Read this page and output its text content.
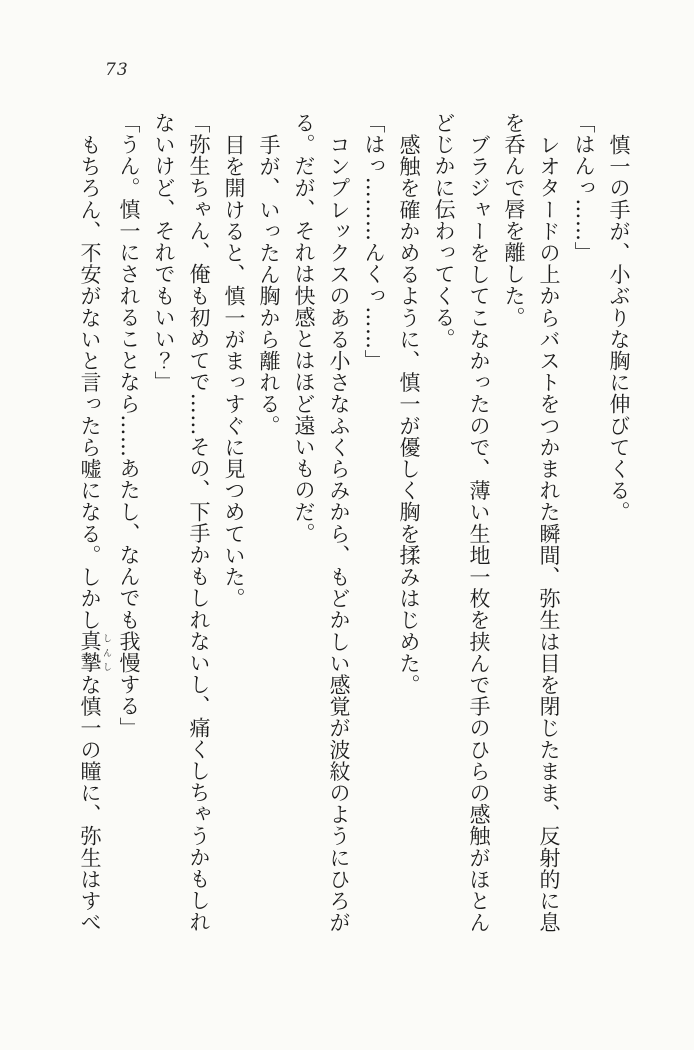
73

慎一の手が、小ぶりな胸に伸びてくる。

「はんっ……」

レオタードの上からバストをつかまれた瞬間、弥生は目を閉じたまま、反射的に息を呑んで唇を離した。

ブラジャーをしてこなかったので、薄い生地一枚を挟んで手のひらの感触がほとんどじかに伝わってくる。

感触を確かめるように、慎一が優しく胸を揉みはじめた。

「はっ………んくっ……」

コンプレックスのある小さなふくらみから、もどかしい感覚が波紋のようにひろがる。だが、それは快感とはほど遠いものだ。

手が、いったん胸から離れる。

目を開けると、慎一がまっすぐに見つめていた。

「弥生ちゃん、俺も初めてで……その、下手かもしれないし、痛くしちゃうかもしれないけど、それでもいい？」

「うん。慎一にされることなら……あたし、なんでも我慢する」

もちろん、不安がないと言ったら嘘になる。しかし真摯 しんしな慎一の瞳に、弥生はすべ
